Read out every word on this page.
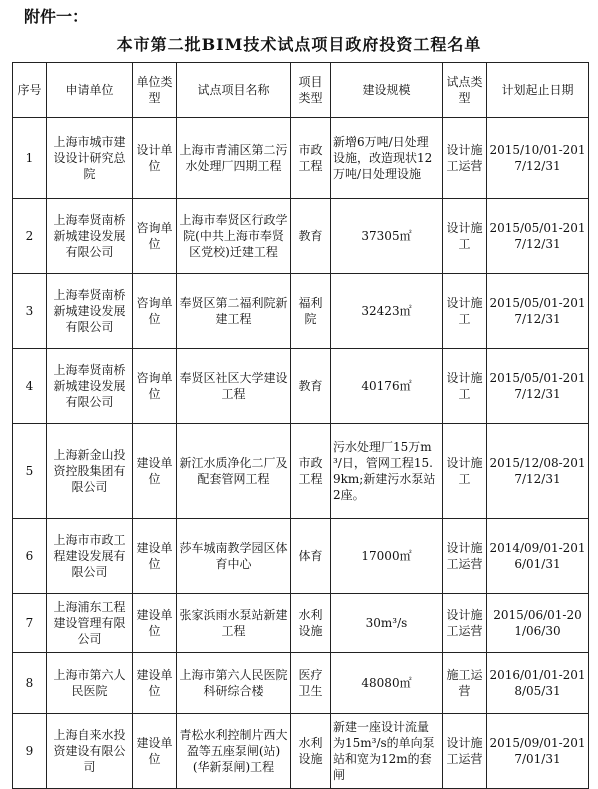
附件一：
本市第二批BIM技术试点项目政府投资工程名单
序号	申请单位	单位类型	试点项目名称	项目类型	建设规模	试点类型	计划起止日期
1	上海市城市建设设计研究总院	设计单位	上海市青浦区第二污水处理厂四期工程	市政工程	新增6万吨/日处理设施，改造现状12万吨/日处理设施	设计施工运营	2015/10/01-2017/12/31
2	上海奉贤南桥新城建设发展有限公司	咨询单位	上海市奉贤区行政学院(中共上海市奉贤区党校)迁建工程	教育	37305㎡	设计施工	2015/05/01-2017/12/31
3	上海奉贤南桥新城建设发展有限公司	咨询单位	奉贤区第二福利院新建工程	福利院	32423㎡	设计施工	2015/05/01-2017/12/31
4	上海奉贤南桥新城建设发展有限公司	咨询单位	奉贤区社区大学建设工程	教育	40176㎡	设计施工	2015/05/01-2017/12/31
5	上海新金山投资控股集团有限公司	建设单位	新江水质净化二厂及配套管网工程	市政工程	污水处理厂15万m³/日，管网工程15.9km;新建污水泵站2座。	设计施工	2015/12/08-2017/12/31
6	上海市市政工程建设发展有限公司	建设单位	莎车城南教学园区体育中心	体育	17000㎡	设计施工运营	2014/09/01-2016/01/31
7	上海浦东工程建设管理有限公司	建设单位	张家浜雨水泵站新建工程	水利设施	30m³/s	设计施工运营	2015/06/01-201/06/30
8	上海市第六人民医院	建设单位	上海市第六人民医院科研综合楼	医疗卫生	48080㎡	施工运营	2016/01/01-2018/05/31
9	上海自来水投资建设有限公司	建设单位	青松水利控制片西大盈等五座泵闸(站)(华新泵闸)工程	水利设施	新建一座设计流量为15m³/s的单向泵站和宽为12m的套闸	设计施工运营	2015/09/01-2017/01/31
